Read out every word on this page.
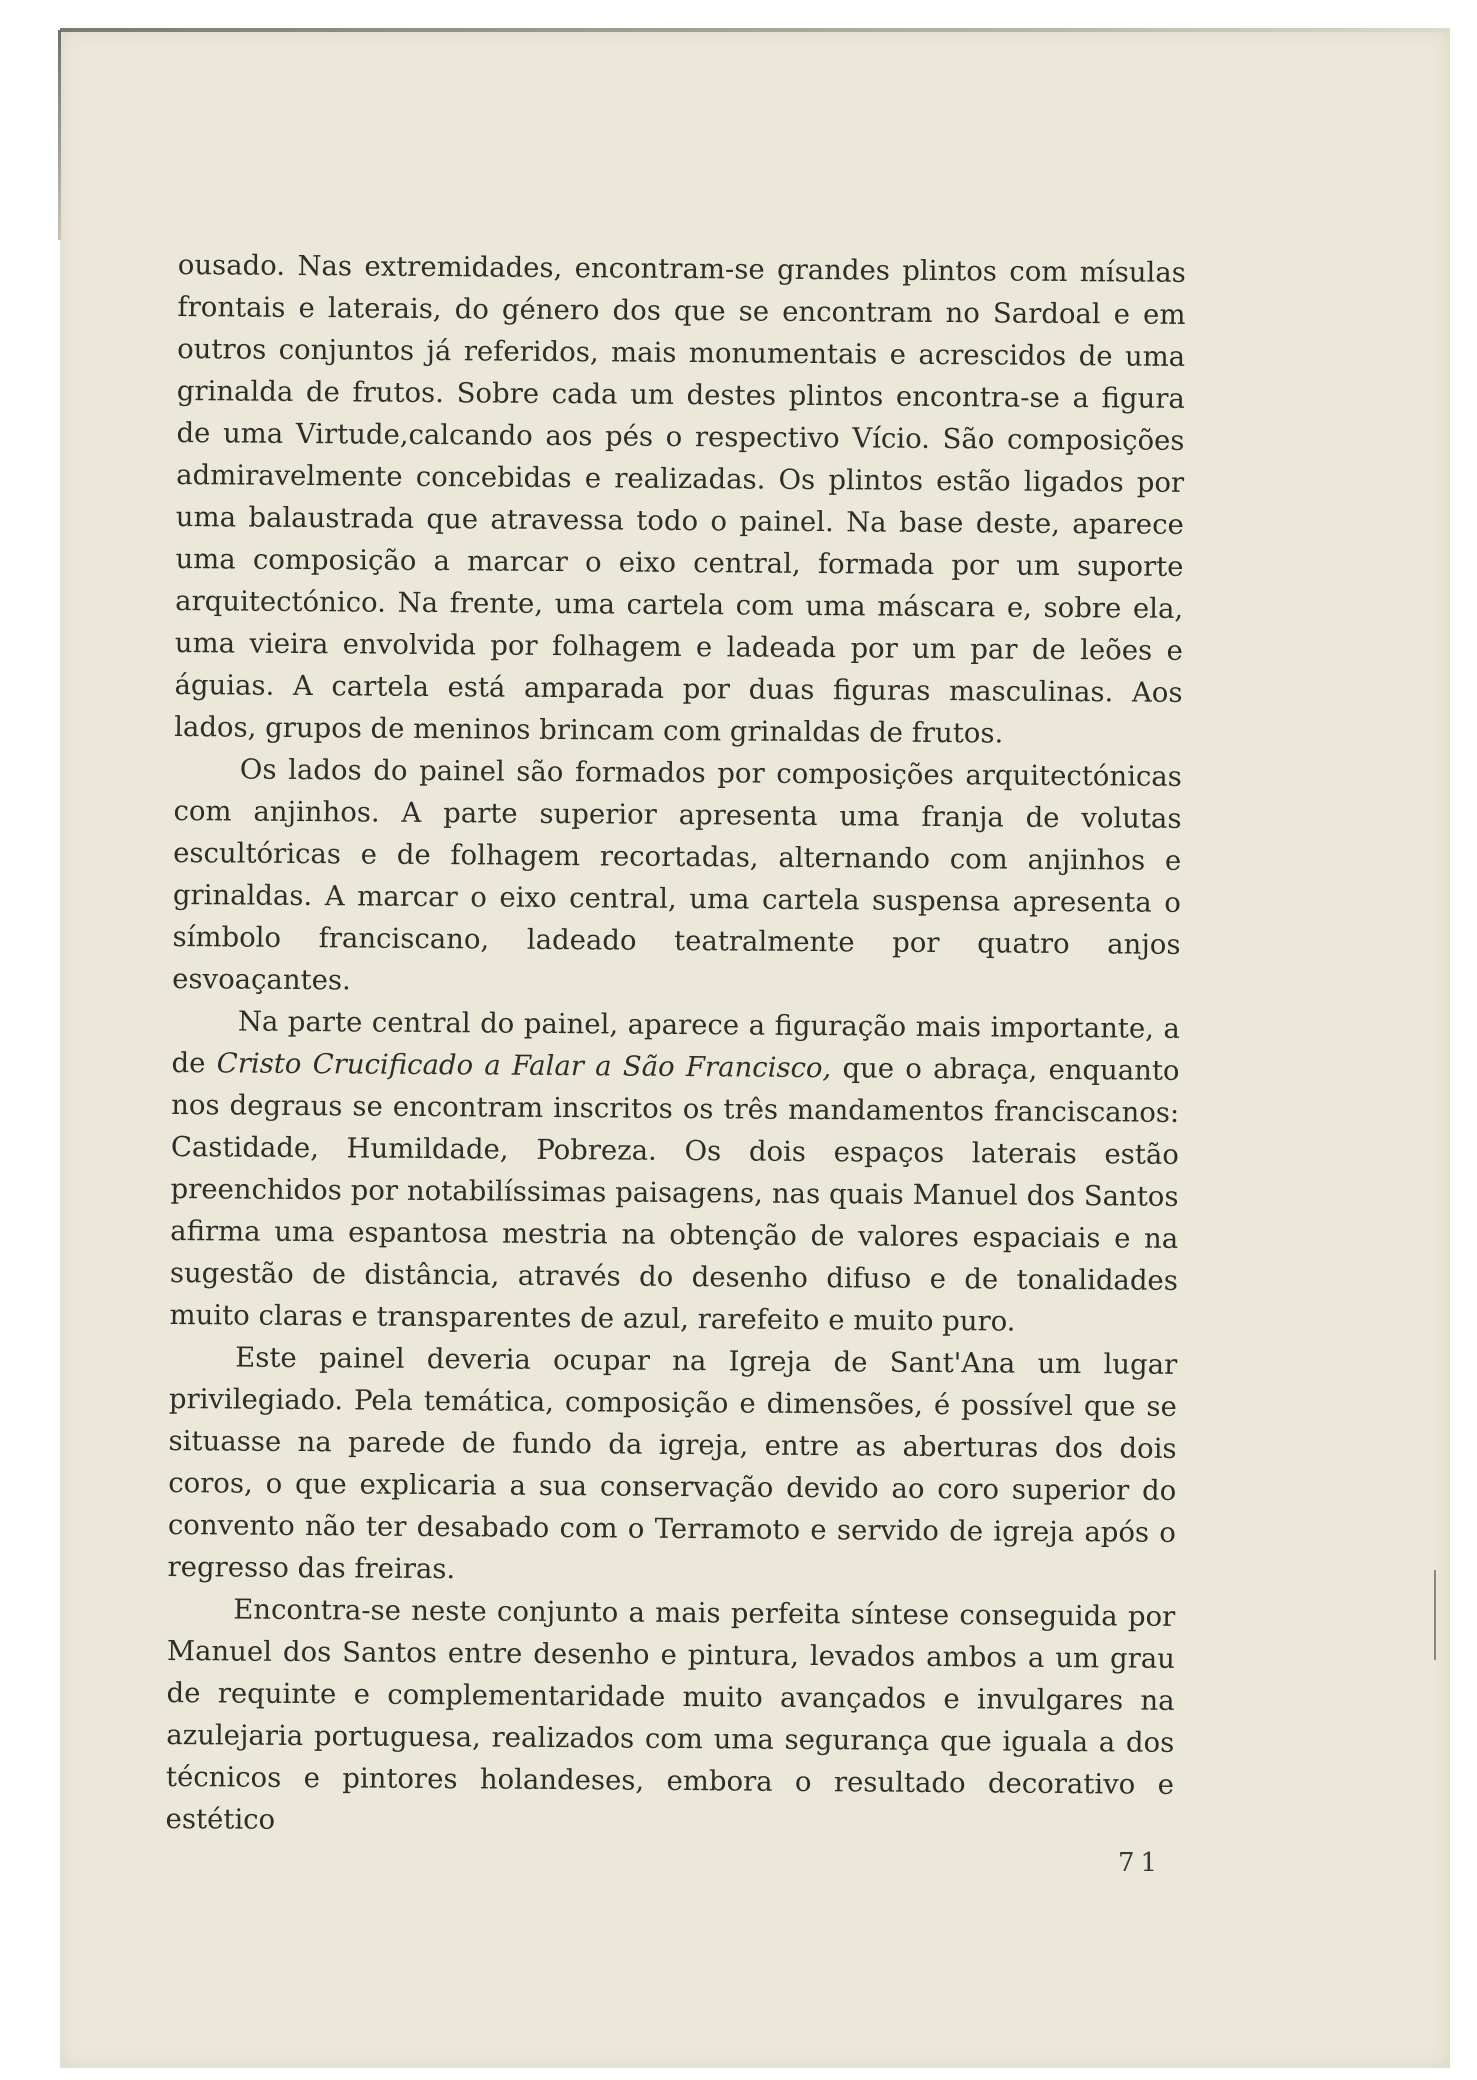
ousado. Nas extremidades, encontram-se grandes plintos com mísulas frontais e laterais, do género dos que se encontram no Sardoal e em outros conjuntos já referidos, mais monumentais e acrescidos de uma grinalda de frutos. Sobre cada um destes plintos encontra-se a figura de uma Virtude,calcando aos pés o respectivo Vício. São composições admiravelmente concebidas e realizadas. Os plintos estão ligados por uma balaustrada que atravessa todo o painel. Na base deste, aparece uma composição a marcar o eixo central, formada por um suporte arquitectónico. Na frente, uma cartela com uma máscara e, sobre ela, uma vieira envolvida por folhagem e ladeada por um par de leões e águias. A cartela está amparada por duas figuras masculinas. Aos lados, grupos de meninos brincam com grinaldas de frutos.

Os lados do painel são formados por composições arquitectónicas com anjinhos. A parte superior apresenta uma franja de volutas escultóricas e de folhagem recortadas, alternando com anjinhos e grinaldas. A marcar o eixo central, uma cartela suspensa apresenta o símbolo franciscano, ladeado teatralmente por quatro anjos esvoaçantes.

Na parte central do painel, aparece a figuração mais importante, a de Cristo Crucificado a Falar a São Francisco, que o abraça, enquanto nos degraus se encontram inscritos os três mandamentos franciscanos: Castidade, Humildade, Pobreza. Os dois espaços laterais estão preenchidos por notabilíssimas paisagens, nas quais Manuel dos Santos afirma uma espantosa mestria na obtenção de valores espaciais e na sugestão de distância, através do desenho difuso e de tonalidades muito claras e transparentes de azul, rarefeito e muito puro.

Este painel deveria ocupar na Igreja de Sant'Ana um lugar privilegiado. Pela temática, composição e dimensões, é possível que se situasse na parede de fundo da igreja, entre as aberturas dos dois coros, o que explicaria a sua conservação devido ao coro superior do convento não ter desabado com o Terramoto e servido de igreja após o regresso das freiras.

Encontra-se neste conjunto a mais perfeita síntese conseguida por Manuel dos Santos entre desenho e pintura, levados ambos a um grau de requinte e complementaridade muito avançados e invulgares na azulejaria portuguesa, realizados com uma segurança que iguala a dos técnicos e pintores holandeses, embora o resultado decorativo e estético

71
